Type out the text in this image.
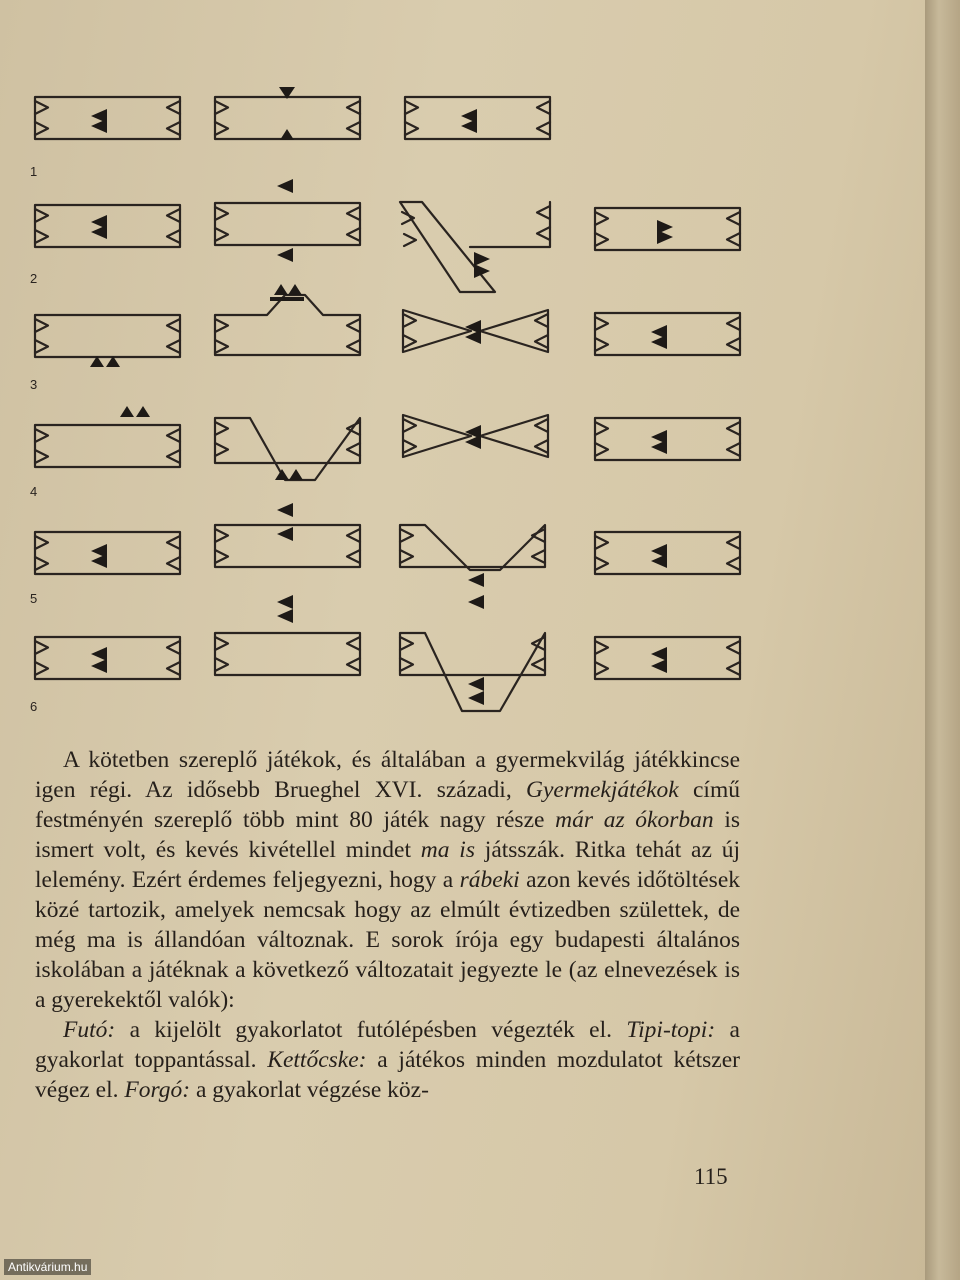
1
2
3
4
5
6

A kötetben szereplő játékok, és általában a gyermekvilág játékkincse igen régi. Az idősebb Brueghel XVI. századi, Gyermekjátékok című festményén szereplő több mint 80 játék nagy része már az ókorban is ismert volt, és kevés kivétellel mindet ma is játsszák. Ritka tehát az új lelemény. Ezért érdemes feljegyezni, hogy a rábeki azon kevés időtöltések közé tartozik, amelyek nemcsak hogy az elmúlt évtizedben születtek, de még ma is állandóan változnak. E sorok írója egy budapesti általános iskolában a játéknak a következő változatait jegyezte le (az elnevezések is a gyerekektől valók):

Futó: a kijelölt gyakorlatot futólépésben végezték el. Tipi-topi: a gyakorlat toppantással. Kettőcske: a játékos minden mozdulatot kétszer végez el. Forgó: a gyakorlat végzése köz-

115
Antikvárium.hu
